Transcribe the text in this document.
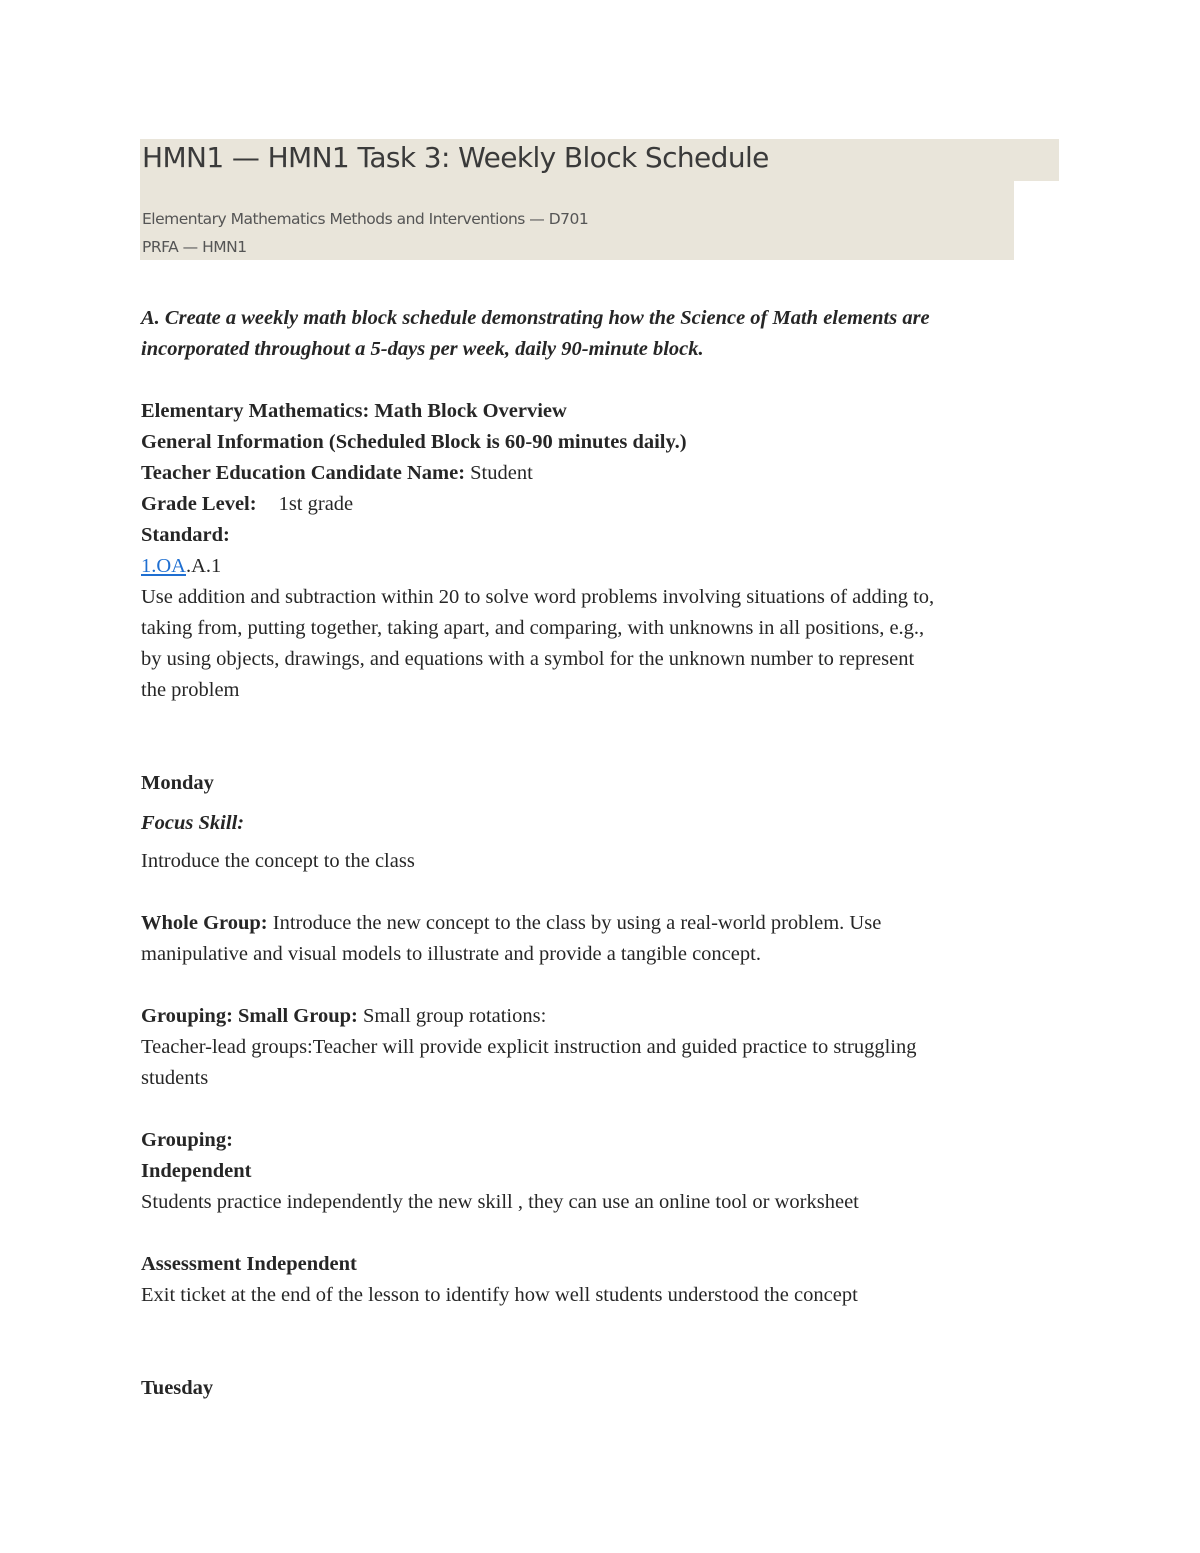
HMN1 — HMN1 Task 3: Weekly Block Schedule
Elementary Mathematics Methods and Interventions — D701
PRFA — HMN1
A. Create a weekly math block schedule demonstrating how the Science of Math elements are
incorporated throughout a 5-days per week, daily 90-minute block.
Elementary Mathematics: Math Block Overview
General Information (Scheduled Block is 60-90 minutes daily.)
Teacher Education Candidate Name: Student
Grade Level: 1st grade
Standard:
1.OA.A.1
Use addition and subtraction within 20 to solve word problems involving situations of adding to,
taking from, putting together, taking apart, and comparing, with unknowns in all positions, e.g.,
by using objects, drawings, and equations with a symbol for the unknown number to represent
the problem
Monday
Focus Skill:
Introduce the concept to the class
Whole Group: Introduce the new concept to the class by using a real-world problem. Use
manipulative and visual models to illustrate and provide a tangible concept.
Grouping: Small Group: Small group rotations:
Teacher-lead groups:Teacher will provide explicit instruction and guided practice to struggling
students
Grouping:
Independent
Students practice independently the new skill , they can use an online tool or worksheet
Assessment Independent
Exit ticket at the end of the lesson to identify how well students understood the concept
Tuesday
